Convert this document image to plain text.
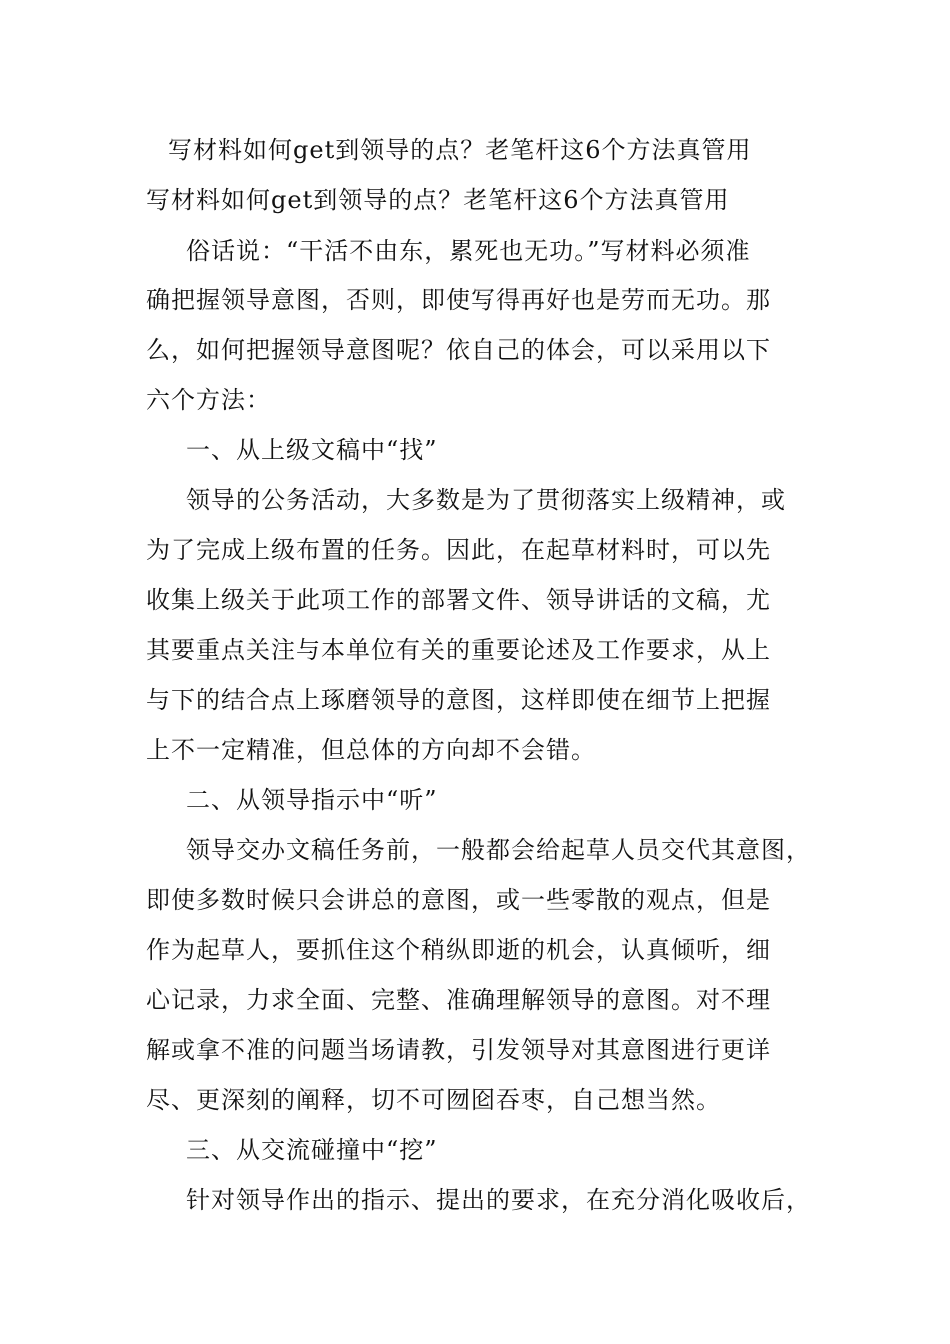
写材料如何get到领导的点？老笔杆这6个方法真管用
写材料如何get到领导的点？老笔杆这6个方法真管用
俗话说：“干活不由东，累死也无功。”写材料必须准
确把握领导意图，否则，即使写得再好也是劳而无功。那
么，如何把握领导意图呢？依自己的体会，可以采用以下
六个方法：
一、从上级文稿中“找”
领导的公务活动，大多数是为了贯彻落实上级精神，或
为了完成上级布置的任务。因此，在起草材料时，可以先
收集上级关于此项工作的部署文件、领导讲话的文稿，尤
其要重点关注与本单位有关的重要论述及工作要求，从上
与下的结合点上琢磨领导的意图，这样即使在细节上把握
上不一定精准，但总体的方向却不会错。
二、从领导指示中“听”
领导交办文稿任务前，一般都会给起草人员交代其意图，
即使多数时候只会讲总的意图，或一些零散的观点，但是
作为起草人，要抓住这个稍纵即逝的机会，认真倾听，细
心记录，力求全面、完整、准确理解领导的意图。对不理
解或拿不准的问题当场请教，引发领导对其意图进行更详
尽、更深刻的阐释，切不可囫囵吞枣，自己想当然。
三、从交流碰撞中“挖”
针对领导作出的指示、提出的要求，在充分消化吸收后，
